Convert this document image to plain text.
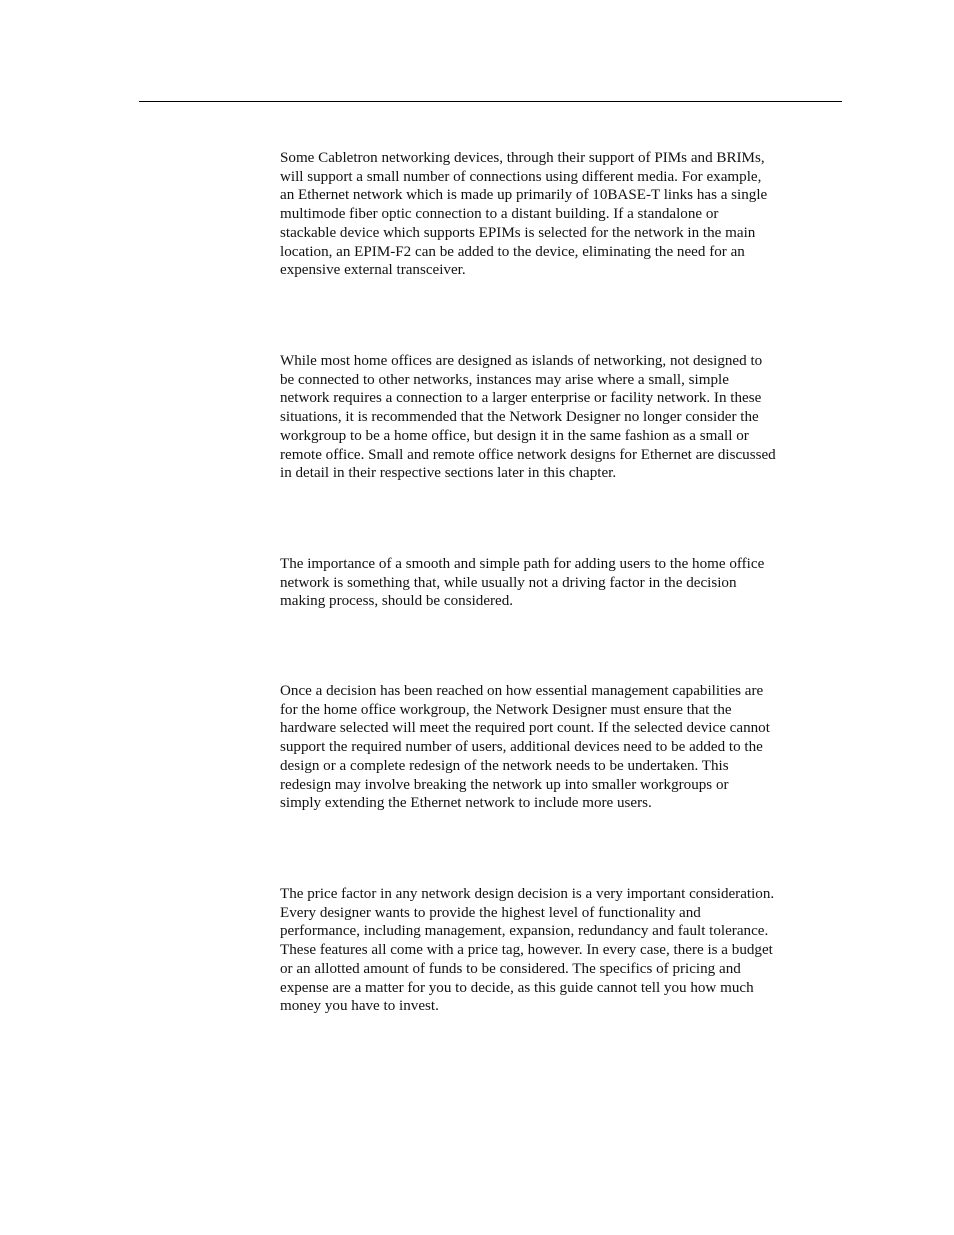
Some Cabletron networking devices, through their support of PIMs and BRIMs,
will support a small number of connections using different media. For example,
an Ethernet network which is made up primarily of 10BASE-T links has a single
multimode fiber optic connection to a distant building. If a standalone or
stackable device which supports EPIMs is selected for the network in the main
location, an EPIM-F2 can be added to the device, eliminating the need for an
expensive external transceiver.

While most home offices are designed as islands of networking, not designed to
be connected to other networks, instances may arise where a small, simple
network requires a connection to a larger enterprise or facility network. In these
situations, it is recommended that the Network Designer no longer consider the
workgroup to be a home office, but design it in the same fashion as a small or
remote office. Small and remote office network designs for Ethernet are discussed
in detail in their respective sections later in this chapter.

The importance of a smooth and simple path for adding users to the home office
network is something that, while usually not a driving factor in the decision
making process, should be considered.

Once a decision has been reached on how essential management capabilities are
for the home office workgroup, the Network Designer must ensure that the
hardware selected will meet the required port count. If the selected device cannot
support the required number of users, additional devices need to be added to the
design or a complete redesign of the network needs to be undertaken. This
redesign may involve breaking the network up into smaller workgroups or
simply extending the Ethernet network to include more users.

The price factor in any network design decision is a very important consideration.
Every designer wants to provide the highest level of functionality and
performance, including management, expansion, redundancy and fault tolerance.
These features all come with a price tag, however. In every case, there is a budget
or an allotted amount of funds to be considered. The specifics of pricing and
expense are a matter for you to decide, as this guide cannot tell you how much
money you have to invest.
